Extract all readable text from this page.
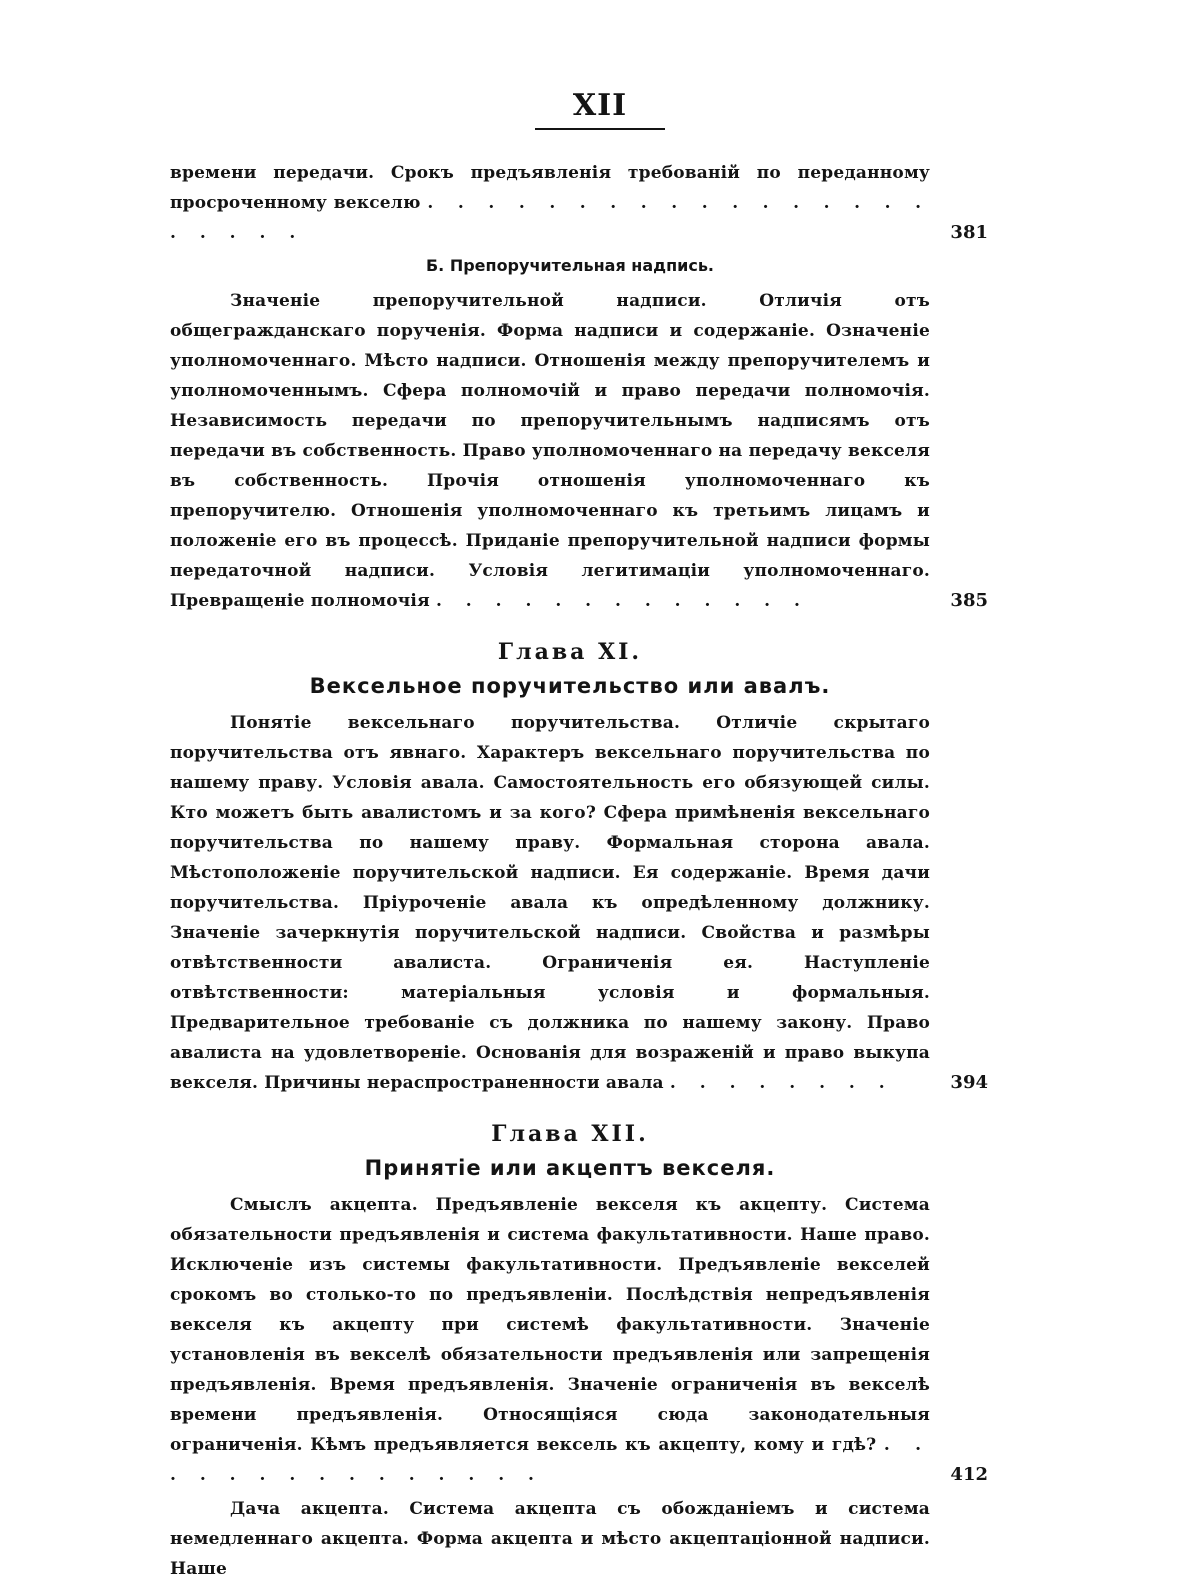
XII

времени передачи. Срокъ предъявленія требованій по переданному просроченному векселю . . . . . . . . . . . . . . . . . . . . . .	381
Б. Препоручительная надпись.

Значеніе препоручительной надписи. Отличія отъ общегражданскаго порученія. Форма надписи и содержаніе. Означеніе уполномоченнаго. Мѣсто надписи. Отношенія между препоручителемъ и уполномоченнымъ. Сфера полномочій и право передачи полномочія. Независимость передачи по препоручительнымъ надписямъ отъ передачи въ собственность. Право уполномоченнаго на передачу векселя въ собственность. Прочія отношенія уполномоченнаго къ препоручителю. Отношенія уполномоченнаго къ третьимъ лицамъ и положеніе его въ процессѣ. Приданіе препоручительной надписи формы передаточной надписи. Условія легитимаціи уполномоченнаго. Превращеніе полномочія . . . . . . . . . . . . .	385
Глава XI.
Вексельное поручительство или авалъ.

Понятіе вексельнаго поручительства. Отличіе скрытаго поручительства отъ явнаго. Характеръ вексельнаго поручительства по нашему праву. Условія авала. Самостоятельность его обязующей силы. Кто можетъ быть авалистомъ и за кого? Сфера примѣненія вексельнаго поручительства по нашему праву. Формальная сторона авала. Мѣстоположеніе поручительской надписи. Ея содержаніе. Время дачи поручительства. Пріуроченіе авала къ опредѣленному должнику. Значеніе зачеркнутія поручительской надписи. Свойства и размѣры отвѣтственности авалиста. Ограниченія ея. Наступленіе отвѣтственности: матеріальныя условія и формальныя. Предварительное требованіе съ должника по нашему закону. Право авалиста на удовлетвореніе. Основанія для возраженій и право выкупа векселя. Причины нераспространенности авала . . . . . . . .	394
Глава XII.
Принятіе или акцептъ векселя.

Смыслъ акцепта. Предъявленіе векселя къ акцепту. Система обязательности предъявленія и система факультативности. Наше право. Исключеніе изъ системы факультативности. Предъявленіе векселей срокомъ во столько-то по предъявленіи. Послѣдствія непредъявленія векселя къ акцепту при системѣ факультативности. Значеніе установленія въ векселѣ обязательности предъявленія или запрещенія предъявленія. Время предъявленія. Значеніе ограниченія въ векселѣ времени предъявленія. Относящіяся сюда законодательныя ограниченія. Кѣмъ предъявляется вексель къ акцепту, кому и гдѣ? . . . . . . . . . . . . . . .	412

Дача акцепта. Система акцепта съ обожданіемъ и система немедленнаго акцепта. Форма акцепта и мѣсто акцептаціонной надписи. Наше
